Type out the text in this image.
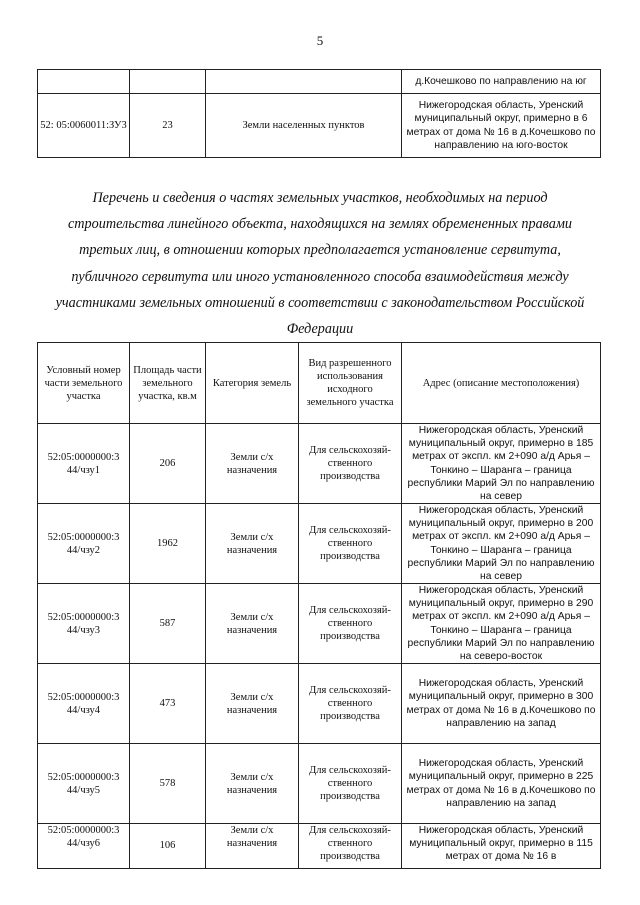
5
			д.Кочешково по направлению на юг
52: 05:0060011:ЗУ3	23	Земли населенных пунктов	Нижегородская область, Уренский муниципальный округ, примерно в 6 метрах от дома № 16 в д.Кочешково по направлению на юго-восток
Перечень и сведения о частях земельных участков, необходимых на период строительства линейного объекта, находящихся на землях обремененных правами третьих лиц, в отношении которых предполагается установление сервитута, публичного сервитута или иного установленного способа взаимодействия между участниками земельных отношений в соответствии с законодательством Российской Федерации
Условный номер части земельного участка	Площадь части земельного участка, кв.м	Категория земель	Вид разрешенного использования исходного земельного участка	Адрес (описание местоположения)
52:05:0000000:3 44/чзу1	206	Земли с/х назначения	Для сельскохозяй- ственного производства	Нижегородская область, Уренский муниципальный округ, примерно в 185 метрах от экспл. км 2+090 а/д Арья – Тонкино – Шаранга – граница республики Марий Эл по направлению на север
52:05:0000000:3 44/чзу2	1962	Земли с/х назначения	Для сельскохозяй- ственного производства	Нижегородская область, Уренский муниципальный округ, примерно в 200 метрах от экспл. км 2+090 а/д Арья – Тонкино – Шаранга – граница республики Марий Эл по направлению на север
52:05:0000000:3 44/чзу3	587	Земли с/х назначения	Для сельскохозяй- ственного производства	Нижегородская область, Уренский муниципальный округ, примерно в 290 метрах от экспл. км 2+090 а/д Арья – Тонкино – Шаранга – граница республики Марий Эл по направлению на северо-восток
52:05:0000000:3 44/чзу4	473	Земли с/х назначения	Для сельскохозяй- ственного производства	Нижегородская область, Уренский муниципальный округ, примерно в 300 метрах от дома № 16 в д.Кочешково по направлению на запад
52:05:0000000:3 44/чзу5	578	Земли с/х назначения	Для сельскохозяй- ственного производства	Нижегородская область, Уренский муниципальный округ, примерно в 225 метрах от дома № 16 в д.Кочешково по направлению на запад

52:05:0000000:3 44/чзу6	106	Земли с/х назначения	Для сельскохозяй- ственного производства	Нижегородская область, Уренский муниципальный округ, примерно в 115 метрах от дома № 16 в
